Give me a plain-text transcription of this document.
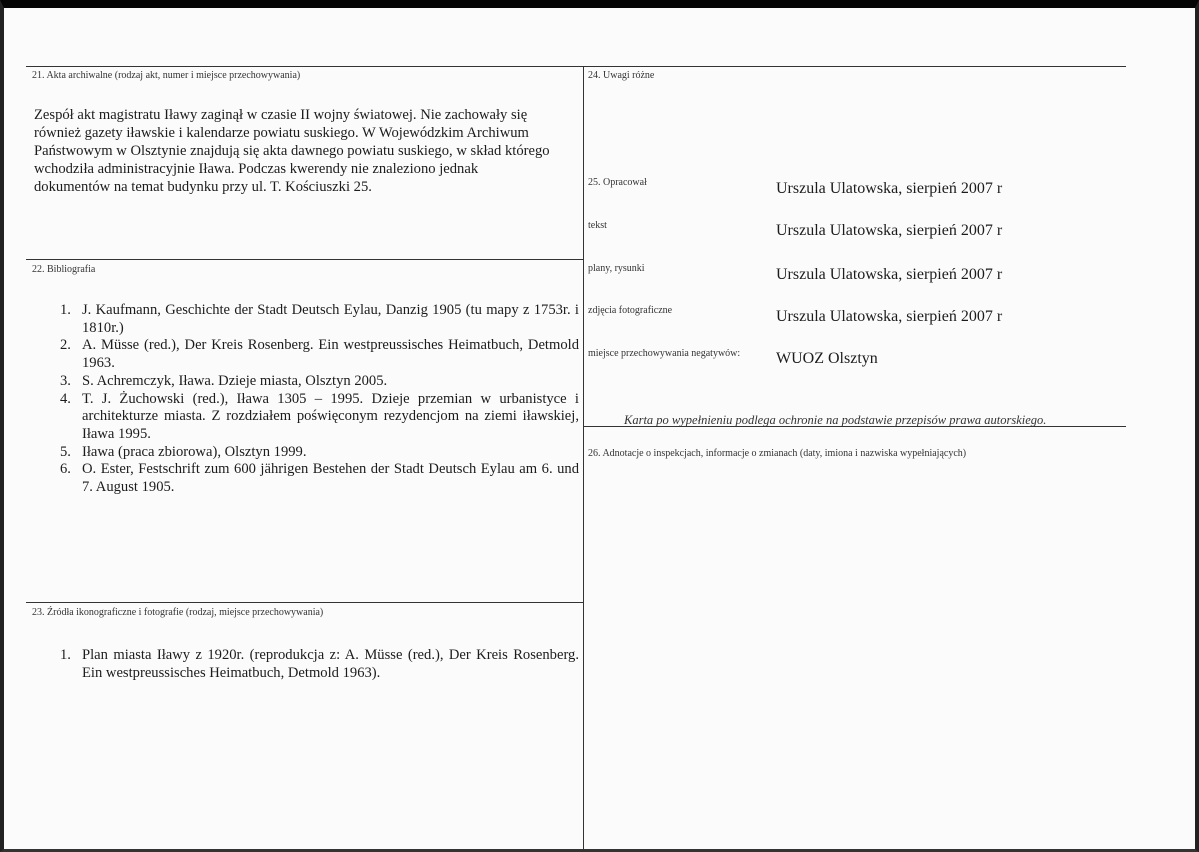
21. Akta archiwalne (rodzaj akt, numer i miejsce przechowywania)
Zespół akt magistratu Iławy zaginął w czasie II wojny światowej. Nie zachowały się również gazety iławskie i kalendarze powiatu suskiego. W Wojewódzkim Archiwum Państwowym w Olsztynie znajdują się akta dawnego powiatu suskiego, w skład którego wchodziła administracyjnie Iława. Podczas kwerendy nie znaleziono jednak dokumentów na temat budynku przy ul. T. Kościuszki 25.
22. Bibliografia
1. J. Kaufmann, Geschichte der Stadt Deutsch Eylau, Danzig 1905 (tu mapy z 1753r. i 1810r.)
2. A. Müsse (red.), Der Kreis Rosenberg. Ein westpreussisches Heimatbuch, Detmold 1963.
3. S. Achremczyk, Iława. Dzieje miasta, Olsztyn 2005.
4. T. J. Żuchowski (red.), Iława 1305 – 1995. Dzieje przemian w urbanistyce i architekturze miasta. Z rozdziałem poświęconym rezydencjom na ziemi iławskiej, Iława 1995.
5. Iława (praca zbiorowa), Olsztyn 1999.
6. O. Ester, Festschrift zum 600 jährigen Bestehen der Stadt Deutsch Eylau am 6. und 7. August 1905.
23. Źródła ikonograficzne i fotografie (rodzaj, miejsce przechowywania)
1. Plan miasta Iławy z 1920r. (reprodukcja z: A. Müsse (red.), Der Kreis Rosenberg. Ein westpreussisches Heimatbuch, Detmold 1963).
24. Uwagi różne
25. Opracował	Urszula Ulatowska, sierpień 2007 r
tekst	Urszula Ulatowska, sierpień 2007 r
plany, rysunki	Urszula Ulatowska, sierpień 2007 r
zdjęcia fotograficzne	Urszula Ulatowska, sierpień 2007 r
miejsce przechowywania negatywów: WUOZ Olsztyn
Karta po wypełnieniu podlega ochronie na podstawie przepisów prawa autorskiego.
26. Adnotacje o inspekcjach, informacje o zmianach (daty, imiona i nazwiska wypełniających)
